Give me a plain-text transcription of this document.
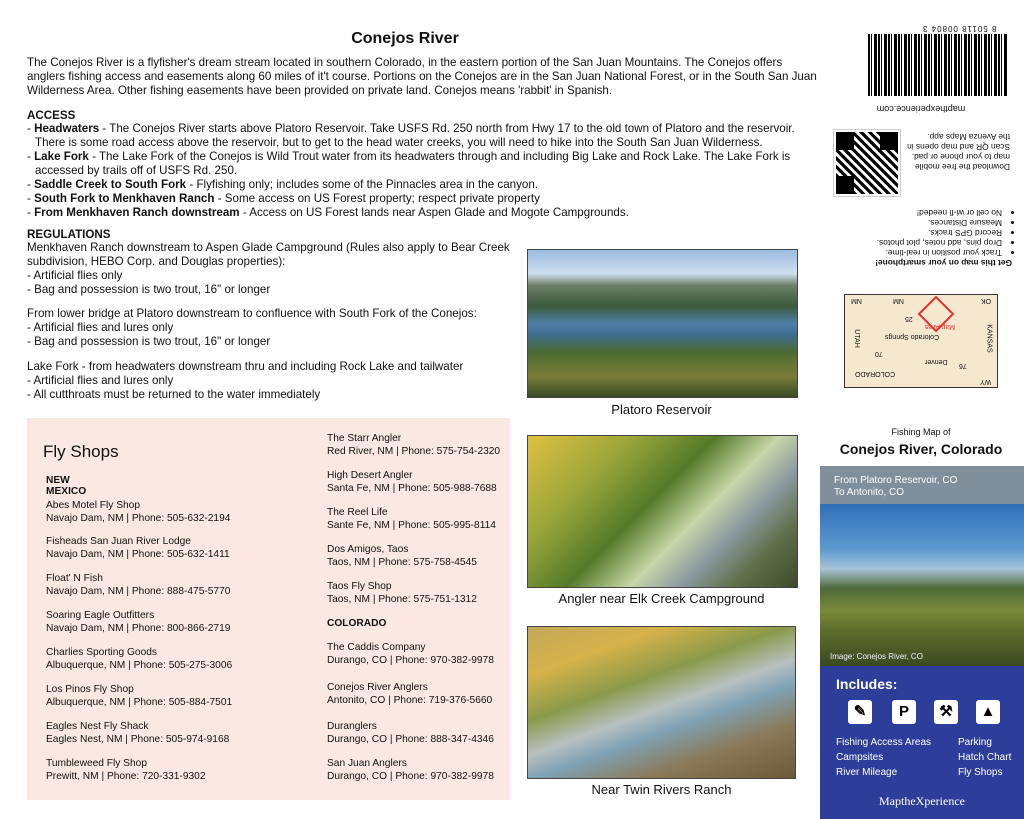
Conejos River

The Conejos River is a flyfisher's dream stream located in southern Colorado, in the eastern portion of the San Juan Mountains. The Conejos offers anglers fishing access and easements along 60 miles of it't course. Portions on the Conejos are in the San Juan National Forest, or in the South San Juan Wilderness Area. Other fishing easements have been provided on private land. Conejos means 'rabbit' in Spanish.

ACCESS
- Headwaters - The Conejos River starts above Platoro Reservoir. Take USFS Rd. 250 north from Hwy 17 to the old town of Platoro and the reservoir.
There is some road access above the reservoir, but to get to the head water creeks, you will need to hike into the South San Juan Wilderness.
- Lake Fork - The Lake Fork of the Conejos is Wild Trout water from its headwaters through and including Big Lake and Rock Lake. The Lake Fork is
accessed by trails off of USFS Rd. 250.
- Saddle Creek to South Fork - Flyfishing only; includes some of the Pinnacles area in the canyon.
- South Fork to Menkhaven Ranch - Some access on US Forest property; respect private property
- From Menkhaven Ranch downstream - Access on US Forest lands near Aspen Glade and Mogote Campgrounds.
REGULATIONS

Menkhaven Ranch downstream to Aspen Glade Campground (Rules also apply to Bear Creek subdivision, HEBO Corp. and Douglas properties):

- Artificial flies only

- Bag and possession is two trout, 16" or longer

From lower bridge at Platoro downstream to confluence with South Fork of the Conejos:

- Artificial flies and lures only

- Bag and possession is two trout, 16" or longer

Lake Fork - from headwaters downstream thru and including Rock Lake and tailwater

- Artificial flies and lures only

- All cutthroats must be returned to the water immediately

Fly Shops
NEW MEXICO
Abes Motel Fly Shop
Navajo Dam, NM | Phone: 505-632-2194
Fisheads San Juan River Lodge
Navajo Dam, NM | Phone: 505-632-1411
Float' N Fish
Navajo Dam, NM | Phone: 888-475-5770
Soaring Eagle Outfitters
Navajo Dam, NM | Phone: 800-866-2719
Charlies Sporting Goods
Albuquerque, NM | Phone: 505-275-3006
Los Pinos Fly Shop
Albuquerque, NM | Phone: 505-884-7501
Eagles Nest Fly Shack
Eagles Nest, NM | Phone: 505-974-9168
Tumbleweed Fly Shop
Prewitt, NM | Phone: 720-331-9302
The Starr Angler
Red River, NM | Phone: 575-754-2320
High Desert Angler
Santa Fe, NM | Phone: 505-988-7688
The Reel Life
Sante Fe, NM | Phone: 505-995-8114
Dos Amigos, Taos
Taos, NM | Phone: 575-758-4545
Taos Fly Shop
Taos, NM | Phone: 575-751-1312
COLORADO
The Caddis Company
Durango, CO | Phone: 970-382-9978
Conejos River Anglers
Antonito, CO | Phone: 719-376-5660
Duranglers
Durango, CO | Phone: 888-347-4346
San Juan Anglers
Durango, CO | Phone: 970-382-9978
Platoro Reservoir
Angler near Elk Creek Campground
Near Twin Rivers Ranch
8 50118 00804 3
mapthexperience.com
Download the free mobile map to your phone or pad. Scan QR and map opens in the Avenza Maps app.
Get this map on your smartphone!
• Track your position in real-time.
• Drop pins, add notes, plot photos.
• Record GPS tracks.
• Measure Distances.
• No cell or wi-fi needed!
WY
COLORADO
UTAH	KANSAS
NM	NM	OK
Denver
Colorado Springs
Map Area
25
70
76
Fishing Map of
Conejos River, Colorado
From Platoro Reservoir, CO
To Antonito, CO
Image: Conejos River, CO
Includes:
✎	P	⚒	▲
Fishing Access Areas
Campsites
River Mileage
Parking
Hatch Chart
Fly Shops
MaptheXperience
